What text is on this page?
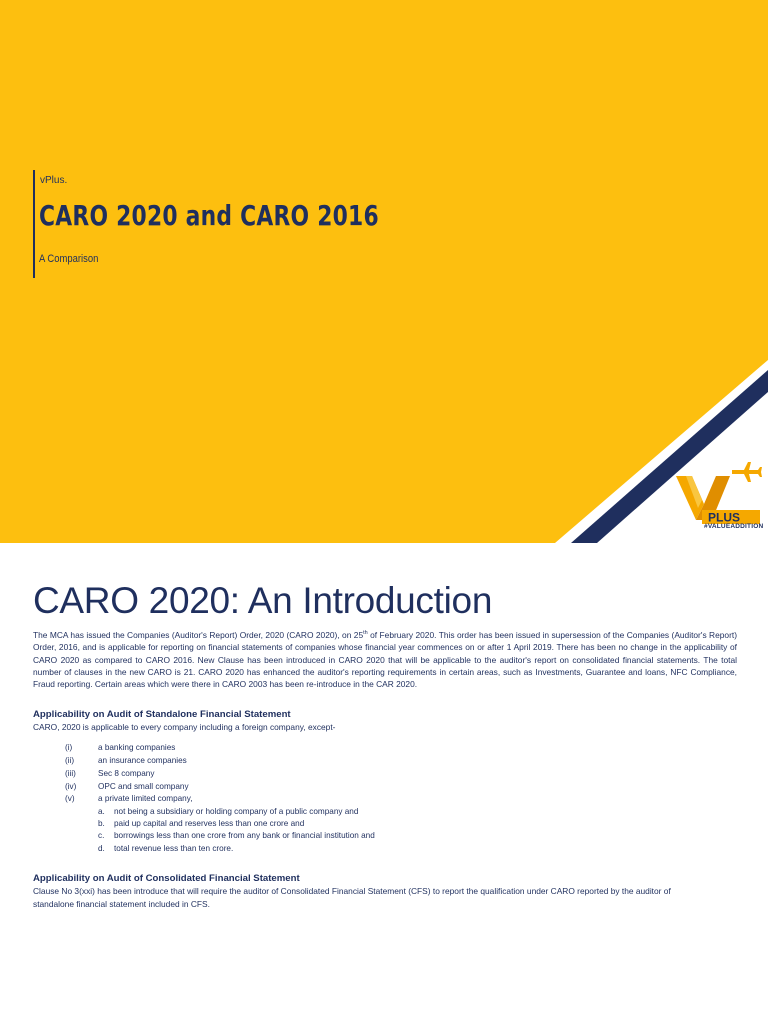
vPlus.
CARO 2020 and CARO 2016
A Comparison
PLUS
#VALUEADDITION
CARO 2020: An Introduction

The MCA has issued the Companies (Auditor's Report) Order, 2020 (CARO 2020), on 25th of February 2020. This order has been issued in supersession of the Companies (Auditor's Report) Order, 2016, and is applicable for reporting on financial statements of companies whose financial year commences on or after 1 April 2019. There has been no change in the applicability of CARO 2020 as compared to CARO 2016. New Clause has been introduced in CARO 2020 that will be applicable to the auditor's report on consolidated financial statements. The total number of clauses in the new CARO is 21. CARO 2020 has enhanced the auditor's reporting requirements in certain areas, such as Investments, Guarantee and loans, NFC Compliance, Fraud reporting. Certain areas which were there in CARO 2003 has been re-introduce in the CAR 2020.

Applicability on Audit of Standalone Financial Statement
CARO, 2020 is applicable to every company including a foreign company, except-
(i)	a banking companies
(ii)	an insurance companies
(iii)	Sec 8 company
(iv)	OPC and small company
(v)	a private limited company,
a. not being a subsidiary or holding company of a public company and
b. paid up capital and reserves less than one crore and
c. borrowings less than one crore from any bank or financial institution and
d. total revenue less than ten crore.
Applicability on Audit of Consolidated Financial Statement
Clause No 3(xxi) has been introduce that will require the auditor of Consolidated Financial Statement (CFS) to report the qualification under CARO reported by the auditor of standalone financial statement included in CFS.
